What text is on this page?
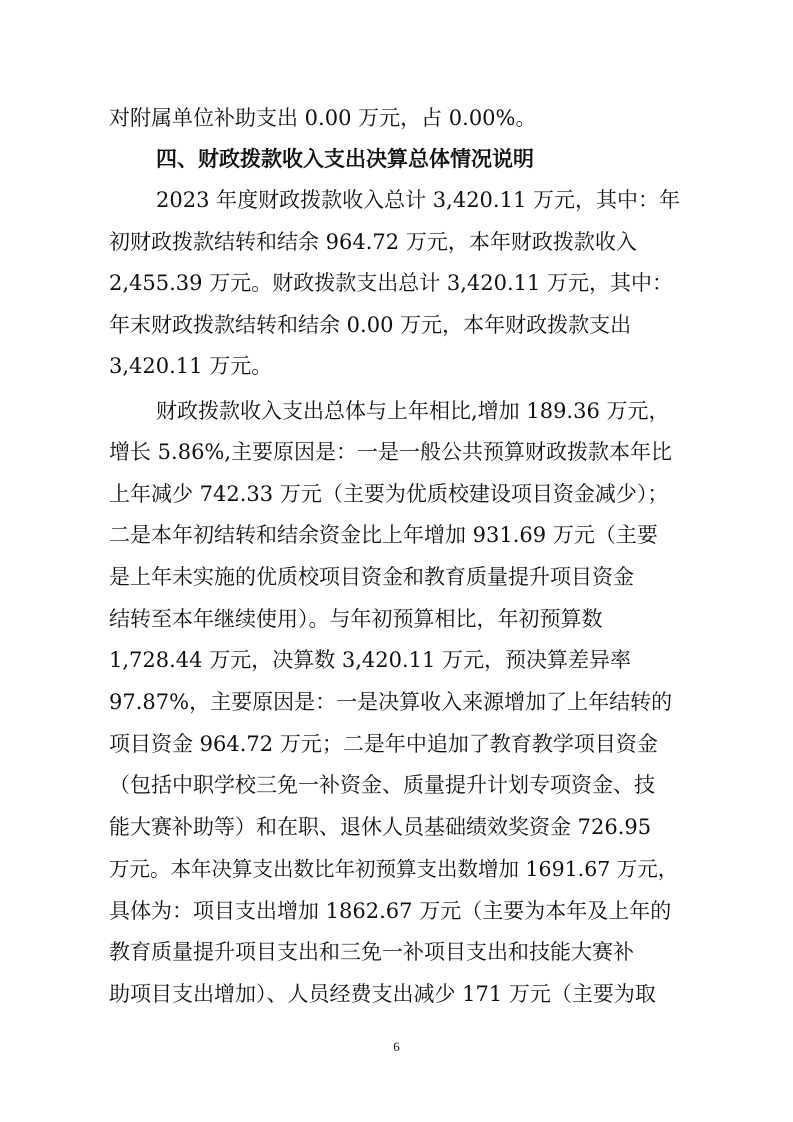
对附属单位补助支出 0.00 万元，占 0.00%。
四、财政拨款收入支出决算总体情况说明
2023 年度财政拨款收入总计 3,420.11 万元，其中：年
初财政拨款结转和结余 964.72 万元，本年财政拨款收入
2,455.39 万元。财政拨款支出总计 3,420.11 万元，其中：
年末财政拨款结转和结余 0.00 万元，本年财政拨款支出
3,420.11 万元。
财政拨款收入支出总体与上年相比,增加 189.36 万元，
增长 5.86%,主要原因是：一是一般公共预算财政拨款本年比
上年减少 742.33 万元（主要为优质校建设项目资金减少）；
二是本年初结转和结余资金比上年增加 931.69 万元（主要
是上年未实施的优质校项目资金和教育质量提升项目资金
结转至本年继续使用）。与年初预算相比，年初预算数
1,728.44 万元，决算数 3,420.11 万元，预决算差异率
97.87%，主要原因是：一是决算收入来源增加了上年结转的
项目资金 964.72 万元；二是年中追加了教育教学项目资金
（包括中职学校三免一补资金、质量提升计划专项资金、技
能大赛补助等）和在职、退休人员基础绩效奖资金 726.95
万元。本年决算支出数比年初预算支出数增加 1691.67 万元，
具体为：项目支出增加 1862.67 万元（主要为本年及上年的
教育质量提升项目支出和三免一补项目支出和技能大赛补
助项目支出增加）、人员经费支出减少 171 万元（主要为取
6
